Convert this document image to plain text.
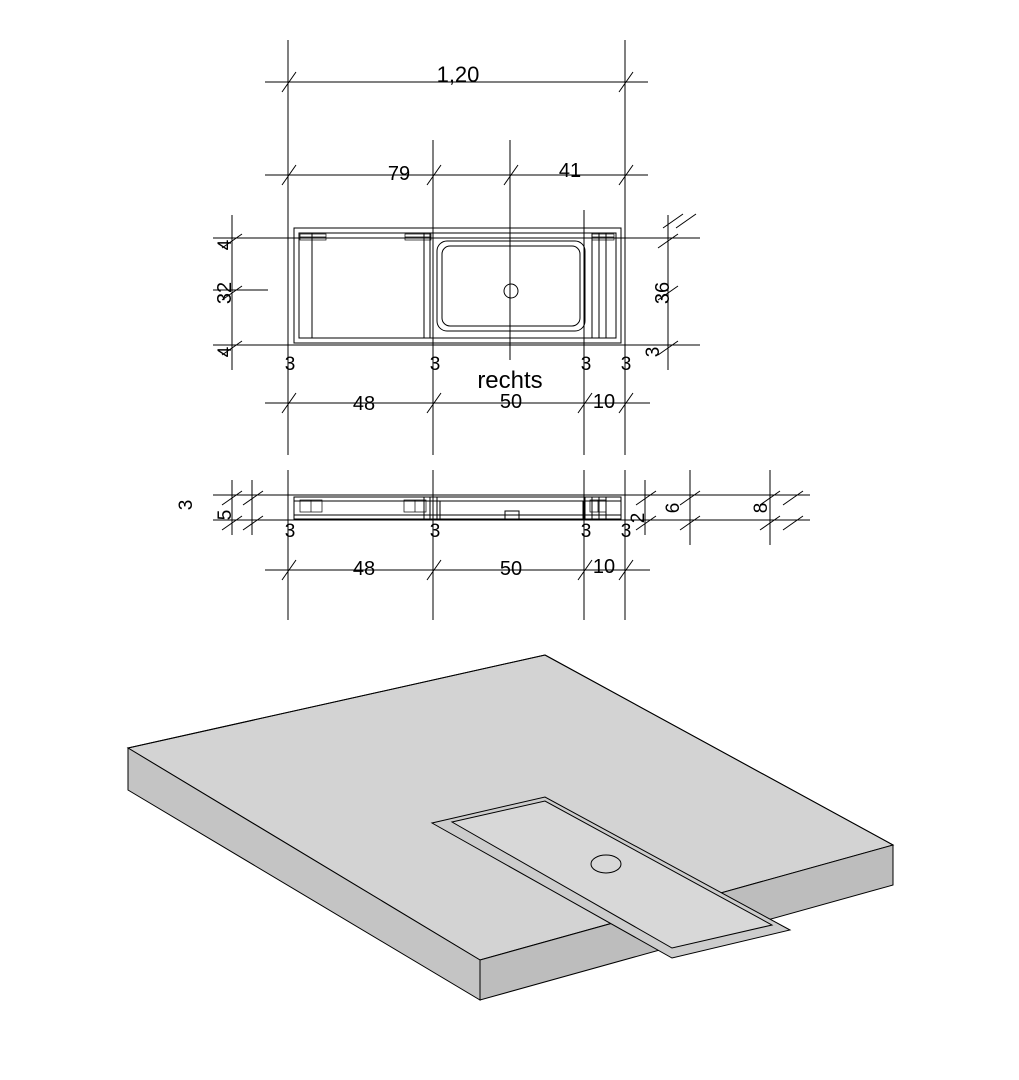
1,20
79	41
4
32
4
36
3
3	3	3 3
rechts
48	50	10
3
5
3	3	3 3
2
6	8
48	50	10
